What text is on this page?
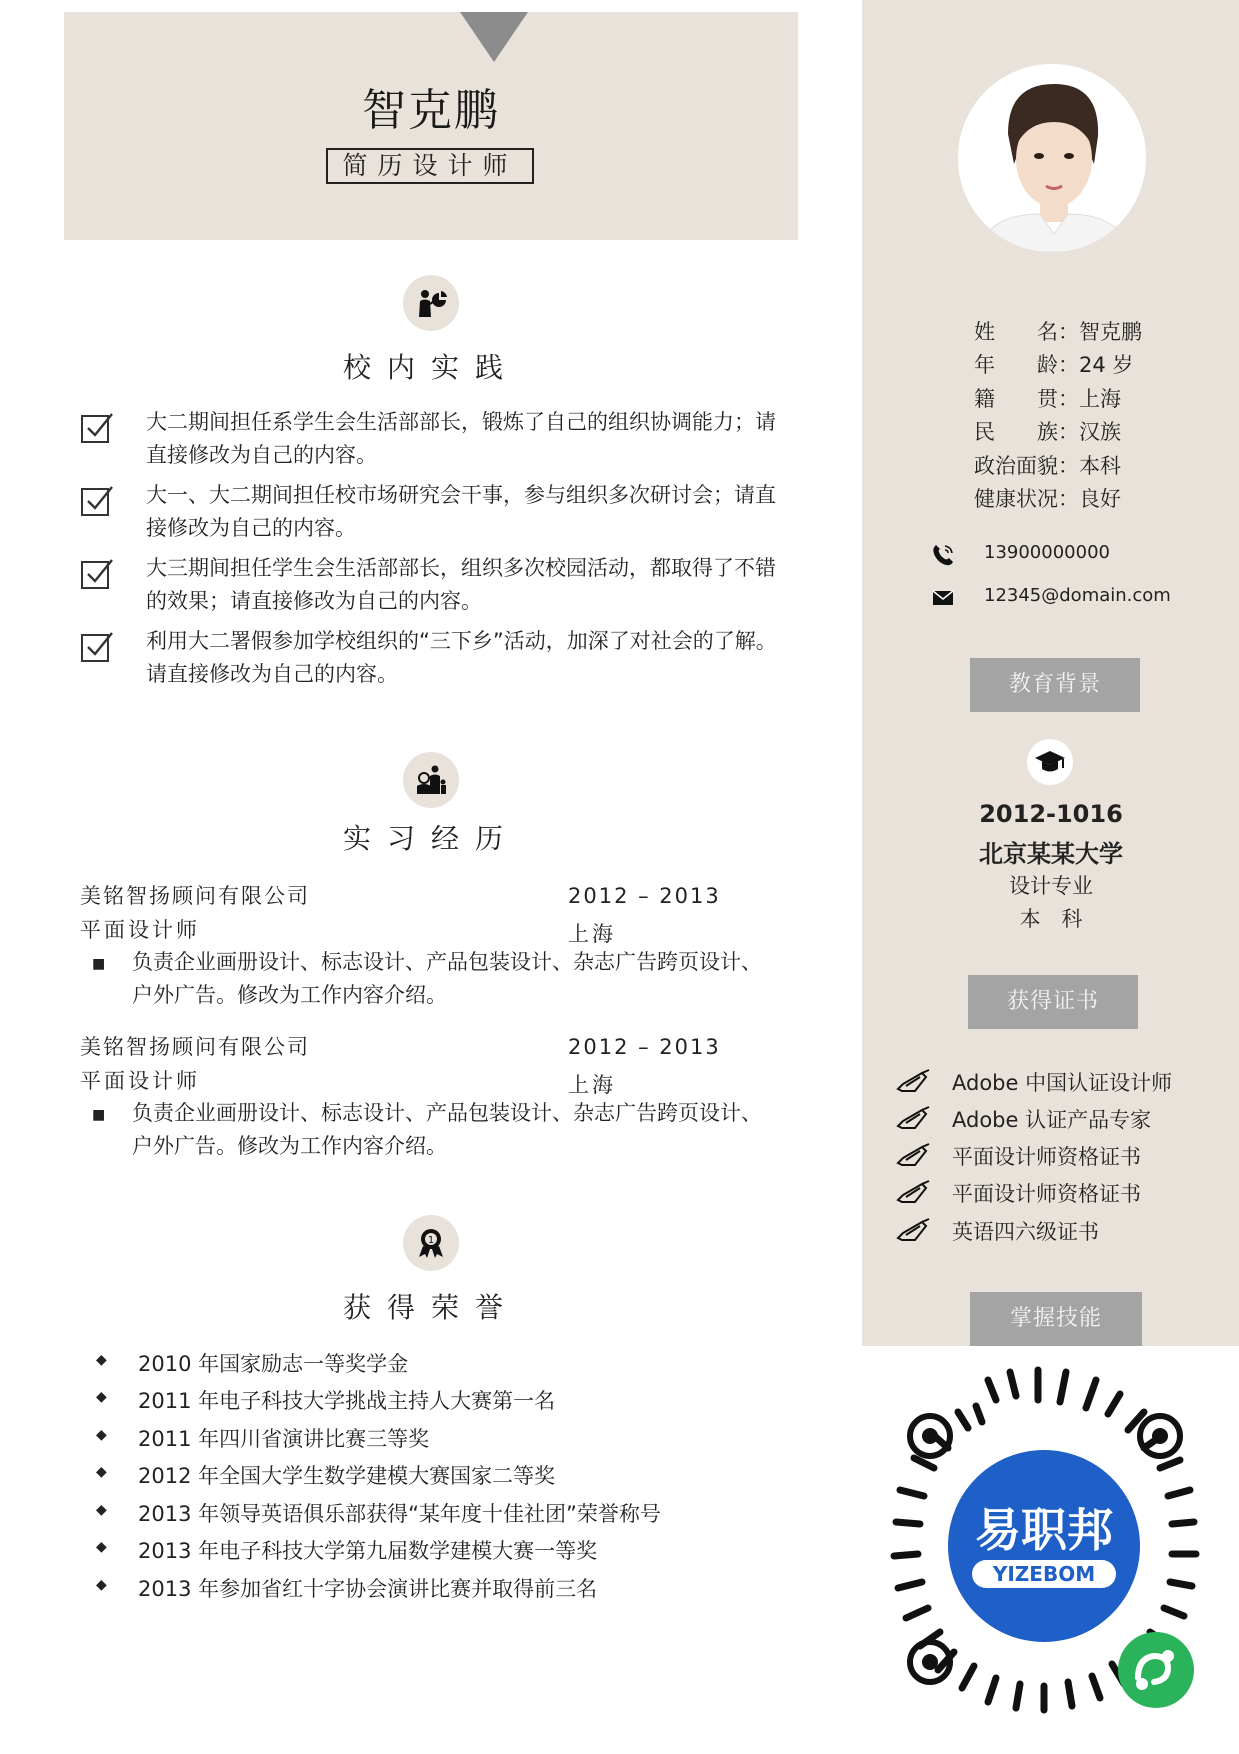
智克鹏
简历设计师
校内实践
大二期间担任系学生会生活部部长，锻炼了自己的组织协调能力；请直接修改为自己的内容。
大一、大二期间担任校市场研究会干事，参与组织多次研讨会；请直接修改为自己的内容。
大三期间担任学生会生活部部长，组织多次校园活动，都取得了不错的效果；请直接修改为自己的内容。
利用大二署假参加学校组织的“三下乡”活动，加深了对社会的了解。请直接修改为自己的内容。
实习经历
美铭智扬顾问有限公司
平面设计师
2012 – 2013
上海
■ 负责企业画册设计、标志设计、产品包装设计、杂志广告跨页设计、户外广告。修改为工作内容介绍。
美铭智扬顾问有限公司
平面设计师
2012 – 2013
上海
■ 负责企业画册设计、标志设计、产品包装设计、杂志广告跨页设计、户外广告。修改为工作内容介绍。
1
获得荣誉
◆ 2010 年国家励志一等奖学金
◆ 2011 年电子科技大学挑战主持人大赛第一名
◆ 2011 年四川省演讲比赛三等奖
◆ 2012 年全国大学生数学建模大赛国家二等奖
◆ 2013 年领导英语俱乐部获得“某年度十佳社团”荣誉称号
◆ 2013 年电子科技大学第九届数学建模大赛一等奖
◆ 2013 年参加省红十字协会演讲比赛并取得前三名
姓名：智克鹏
年龄：24 岁
籍贯：上海
民族：汉族
政治面貌：本科
健康状况：良好
13900000000
12345@domain.com
教育背景
2012-1016
北京某某大学
设计专业
本 科
获得证书
Adobe 中国认证设计师
Adobe 认证产品专家
平面设计师资格证书
平面设计师资格证书
英语四六级证书
掌握技能
易职邦
YIZEBOM
